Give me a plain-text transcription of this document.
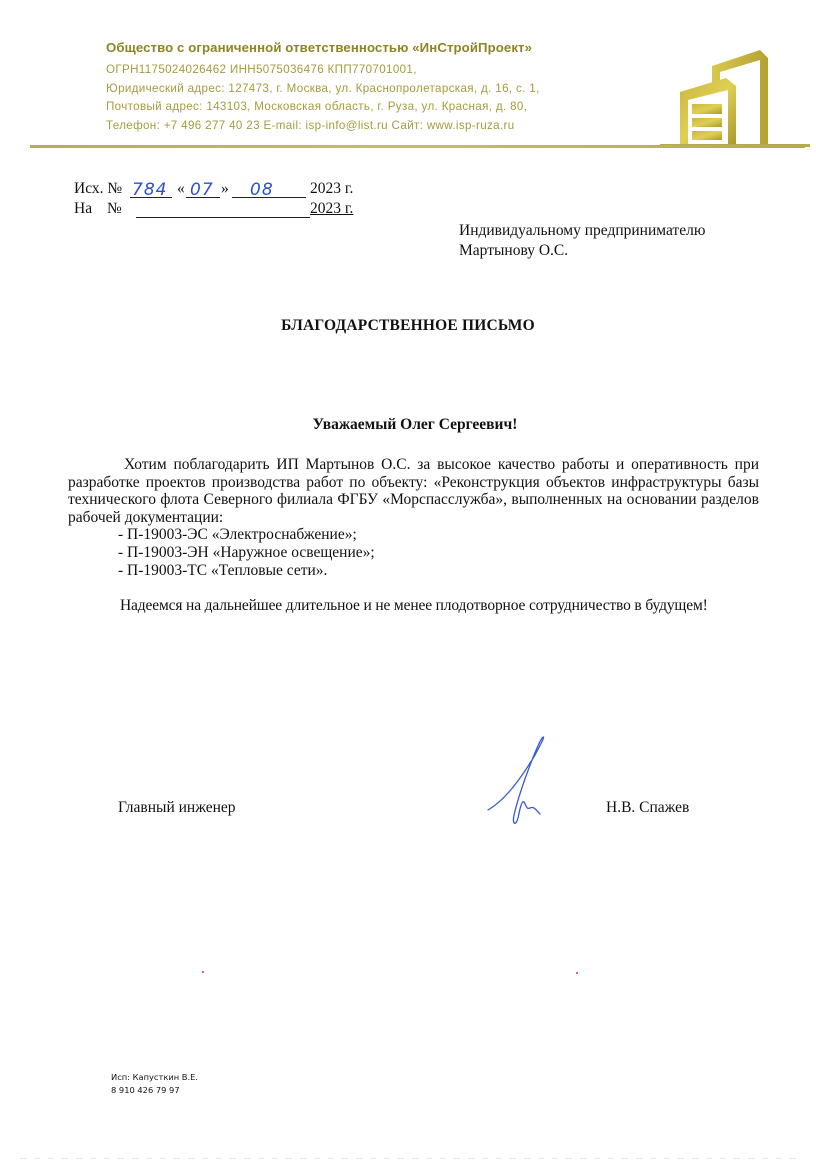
Общество с ограниченной ответственностью «ИнСтройПроект»
ОГРН1175024026462 ИНН5075036476 КПП770701001,
Юридический адрес: 127473, г. Москва, ул. Краснопролетарская, д. 16, с. 1,
Почтовый адрес: 143103, Московская область, г. Руза, ул. Красная, д. 80,
Телефон: +7 496 277 40 23 E-mail: isp-info@list.ru Сайт: www.isp-ruza.ru
Исх. № 784 « 07 » 08 2023 г.
На №	2023 г.
Индивидуальному предпринимателю
Мартынову О.С.
БЛАГОДАРСТВЕННОЕ ПИСЬМО
Уважаемый Олег Сергеевич!

Хотим поблагодарить ИП Мартынов О.С. за высокое качество работы и оперативность при разработке проектов производства работ по объекту: «Реконструкция объектов инфраструктуры базы технического флота Северного филиала ФГБУ «Морспасслужба», выполненных на основании разделов рабочей документации:

- П-19003-ЭС «Электроснабжение»;
- П-19003-ЭН «Наружное освещение»;
- П-19003-ТС «Тепловые сети».

Надеемся на дальнейшее длительное и не менее плодотворное сотрудничество в будущем!

Главный инженер	Н.В. Спажев
Исп: Капусткин В.Е.
8 910 426 79 97
